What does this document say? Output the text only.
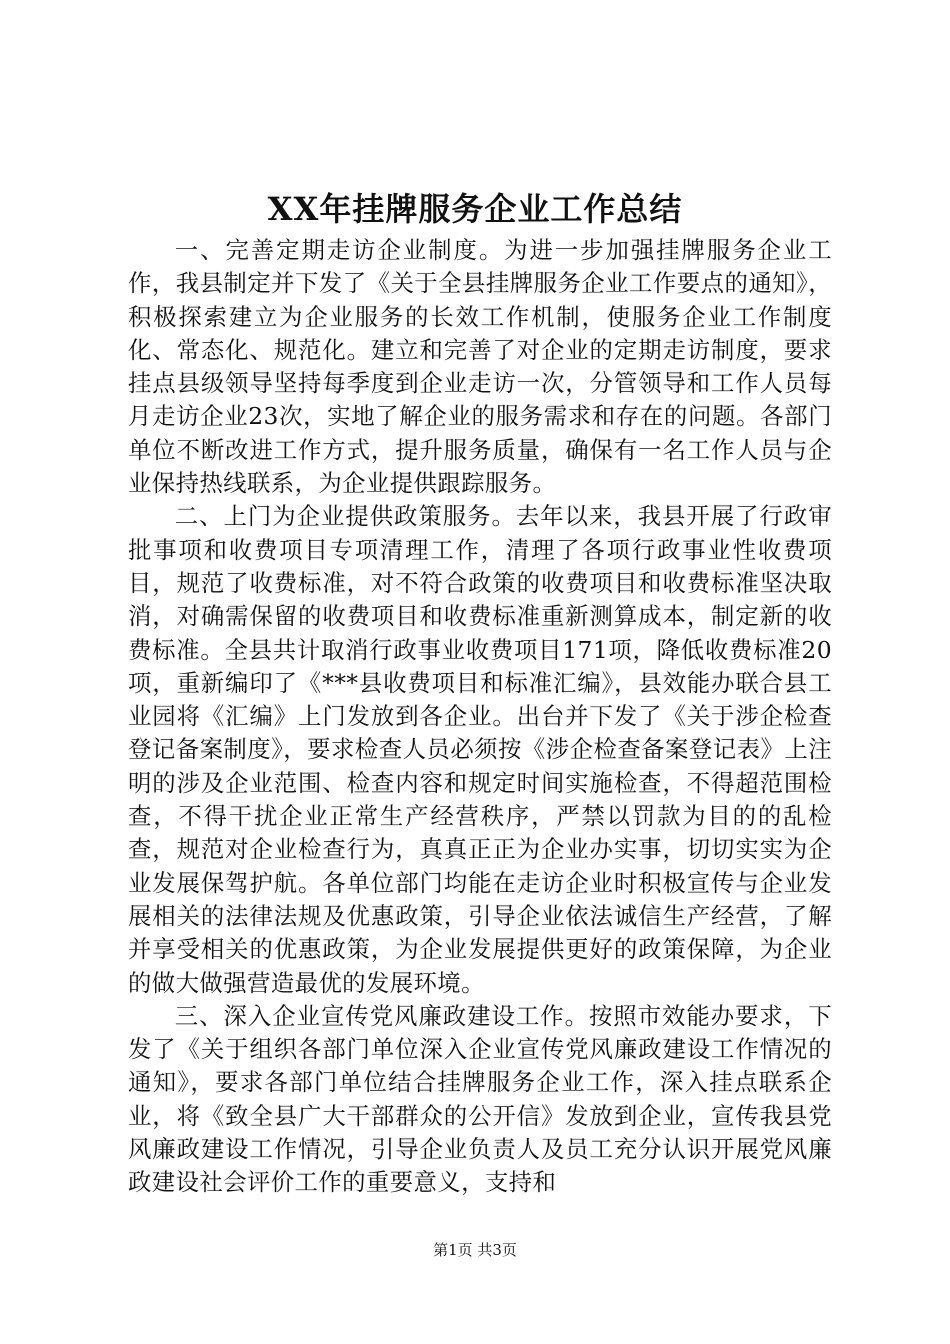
XX年挂牌服务企业工作总结

一、完善定期走访企业制度。为进一步加强挂牌服务企业工作，我县制定并下发了《关于全县挂牌服务企业工作要点的通知》，积极探索建立为企业服务的长效工作机制，使服务企业工作制度化、常态化、规范化。建立和完善了对企业的定期走访制度，要求挂点县级领导坚持每季度到企业走访一次，分管领导和工作人员每月走访企业23次，实地了解企业的服务需求和存在的问题。各部门单位不断改进工作方式，提升服务质量，确保有一名工作人员与企业保持热线联系，为企业提供跟踪服务。

二、上门为企业提供政策服务。去年以来，我县开展了行政审批事项和收费项目专项清理工作，清理了各项行政事业性收费项目，规范了收费标准，对不符合政策的收费项目和收费标准坚决取消，对确需保留的收费项目和收费标准重新测算成本，制定新的收费标准。全县共计取消行政事业收费项目171项，降低收费标准20项，重新编印了《***县收费项目和标准汇编》，县效能办联合县工业园将《汇编》上门发放到各企业。出台并下发了《关于涉企检查登记备案制度》，要求检查人员必须按《涉企检查备案登记表》上注明的涉及企业范围、检查内容和规定时间实施检查，不得超范围检查，不得干扰企业正常生产经营秩序，严禁以罚款为目的的乱检查，规范对企业检查行为，真真正正为企业办实事，切切实实为企业发展保驾护航。各单位部门均能在走访企业时积极宣传与企业发展相关的法律法规及优惠政策，引导企业依法诚信生产经营，了解并享受相关的优惠政策，为企业发展提供更好的政策保障，为企业的做大做强营造最优的发展环境。

三、深入企业宣传党风廉政建设工作。按照市效能办要求，下发了《关于组织各部门单位深入企业宣传党风廉政建设工作情况的通知》，要求各部门单位结合挂牌服务企业工作，深入挂点联系企业，将《致全县广大干部群众的公开信》发放到企业，宣传我县党风廉政建设工作情况，引导企业负责人及员工充分认识开展党风廉政建设社会评价工作的重要意义，支持和

第1页 共3页
